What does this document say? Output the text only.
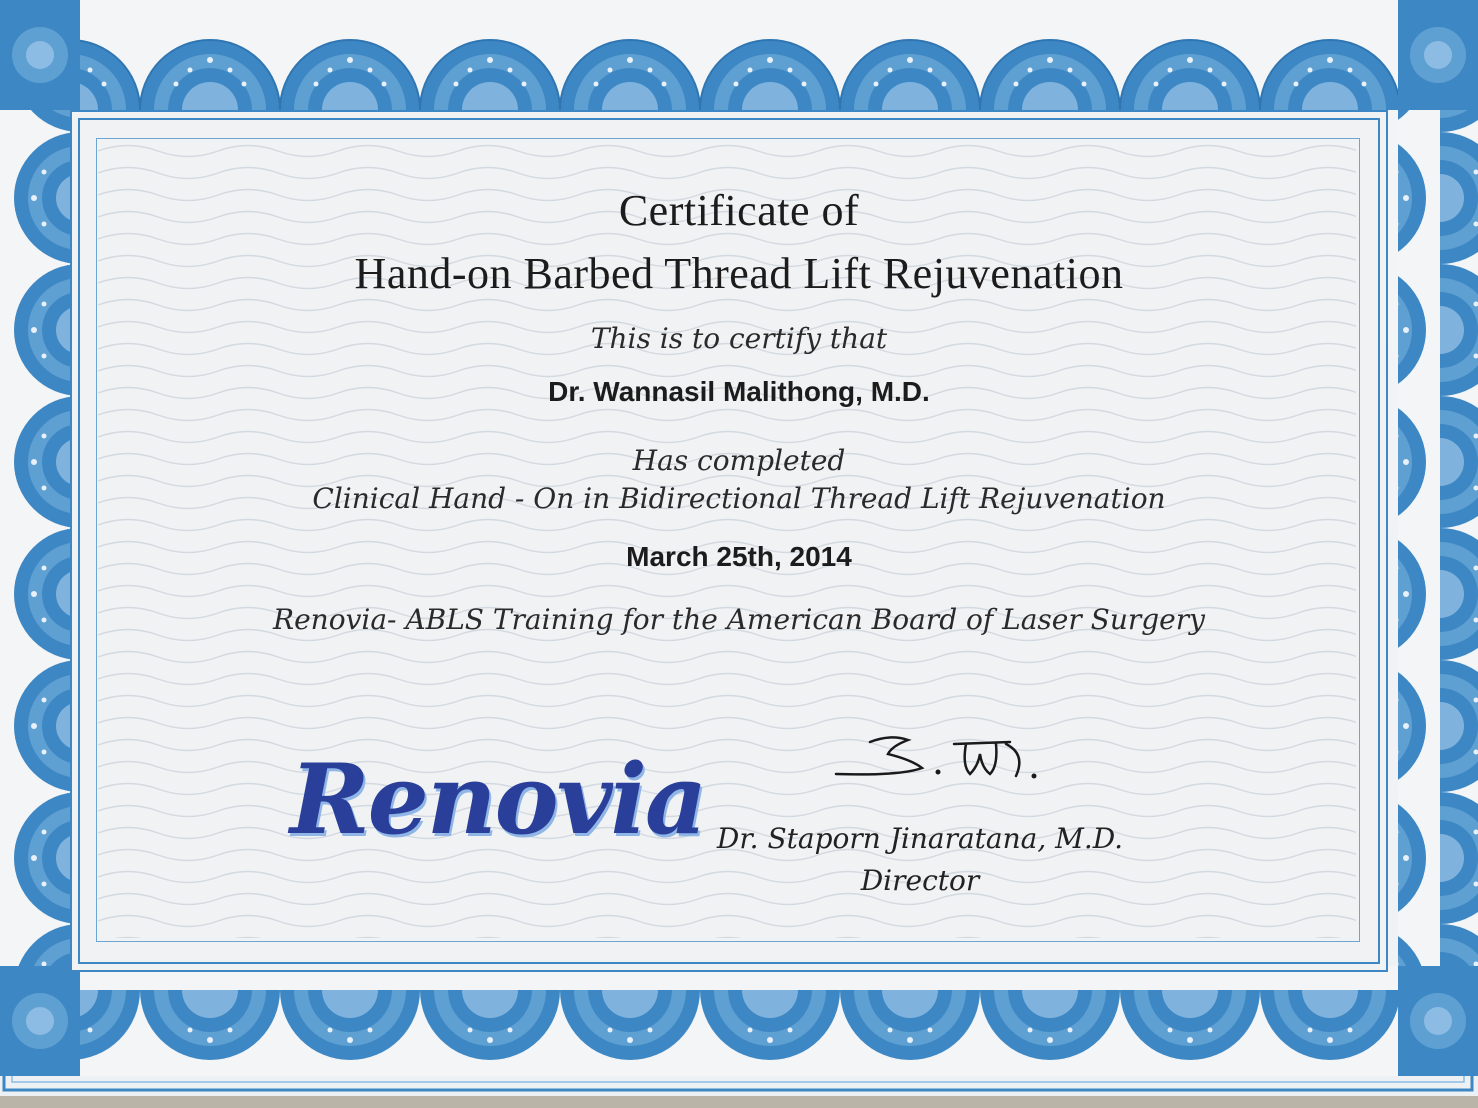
Certificate of
Hand-on Barbed Thread Lift Rejuvenation
This is to certify that
Dr. Wannasil Malithong, M.D.
Has completed
Clinical Hand - On in Bidirectional Thread Lift Rejuvenation
March 25th, 2014
Renovia- ABLS Training for the American Board of Laser Surgery
Renovia Dr. Staporn Jinaratana, M.D.
Director
